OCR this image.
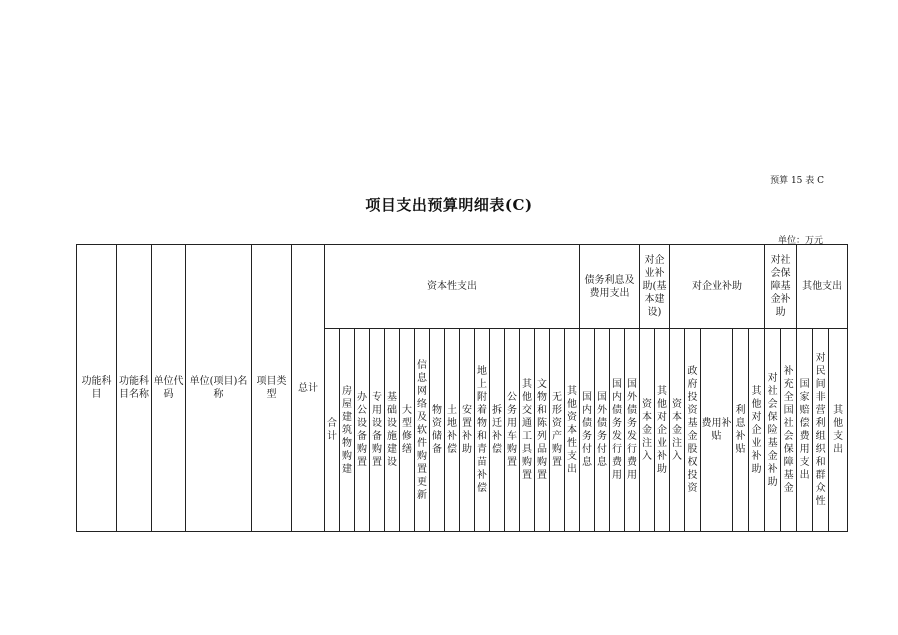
预算 15 表 C
项目支出预算明细表(C)
单位：万元
功能科目	功能科目名称	单位代码	单位(项目)名称	项目类型	总计	资本性支出																	债务利息及费用支出				对企业补助(基本建设)		对企业补助					对社会保障基金补助		其他支出		
						合计	房屋建筑物购建	办公设备购置	专用设备购置	基础设施建设	大型修缮	信息网络及软件购置更新	物资储备	土地补偿	安置补助	地上附着物和青苗补偿	拆迁补偿	公务用车购置	其他交通工具购置	文物和陈列品购置	无形资产购置	其他资本性支出	国内债务付息	国外债务付息	国内债务发行费用	国外债务发行费用	资本金注入	其他对企业补助	资本金注入	政府投资基金股权投资	费用补贴	利息补贴	其他对企业补助	对社会保险基金补助	补充全国社会保障基金	国家赔偿费用支出	对民间非营利组织和群众性	其他支出
